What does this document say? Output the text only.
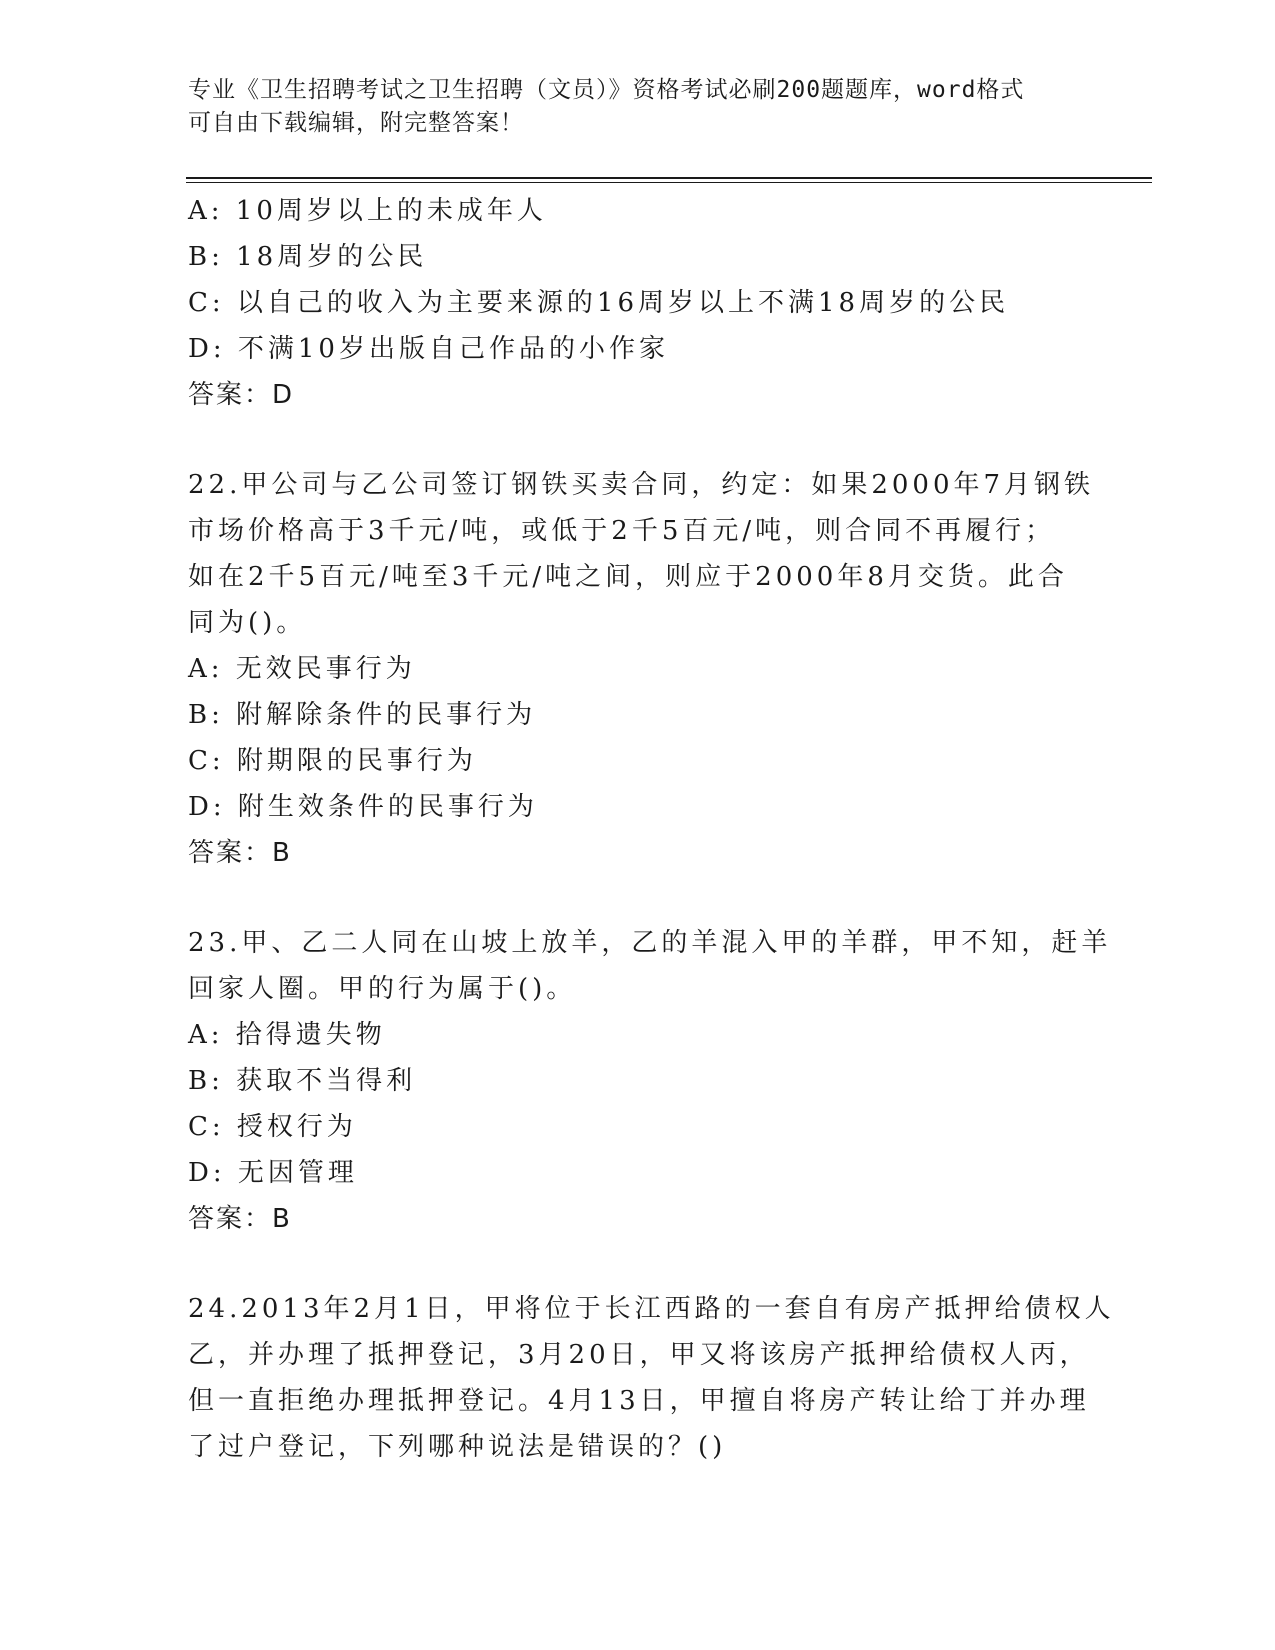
专业《卫生招聘考试之卫生招聘（文员）》资格考试必刷200题题库，word格式
可自由下载编辑，附完整答案！
A: 10周岁以上的未成年人
B: 18周岁的公民
C: 以自己的收入为主要来源的16周岁以上不满18周岁的公民
D: 不满10岁出版自己作品的小作家
答案：D
22.甲公司与乙公司签订钢铁买卖合同，约定：如果2000年7月钢铁
市场价格高于3千元/吨，或低于2千5百元/吨，则合同不再履行；
如在2千5百元/吨至3千元/吨之间，则应于2000年8月交货。此合
同为()。
A: 无效民事行为
B: 附解除条件的民事行为
C: 附期限的民事行为
D: 附生效条件的民事行为
答案：B
23.甲、乙二人同在山坡上放羊，乙的羊混入甲的羊群，甲不知，赶羊
回家人圈。甲的行为属于()。
A: 拾得遗失物
B: 获取不当得利
C: 授权行为
D: 无因管理
答案：B
24.2013年2月1日，甲将位于长江西路的一套自有房产抵押给债权人
乙，并办理了抵押登记，3月20日，甲又将该房产抵押给债权人丙，
但一直拒绝办理抵押登记。4月13日，甲擅自将房产转让给丁并办理
了过户登记，下列哪种说法是错误的？()
